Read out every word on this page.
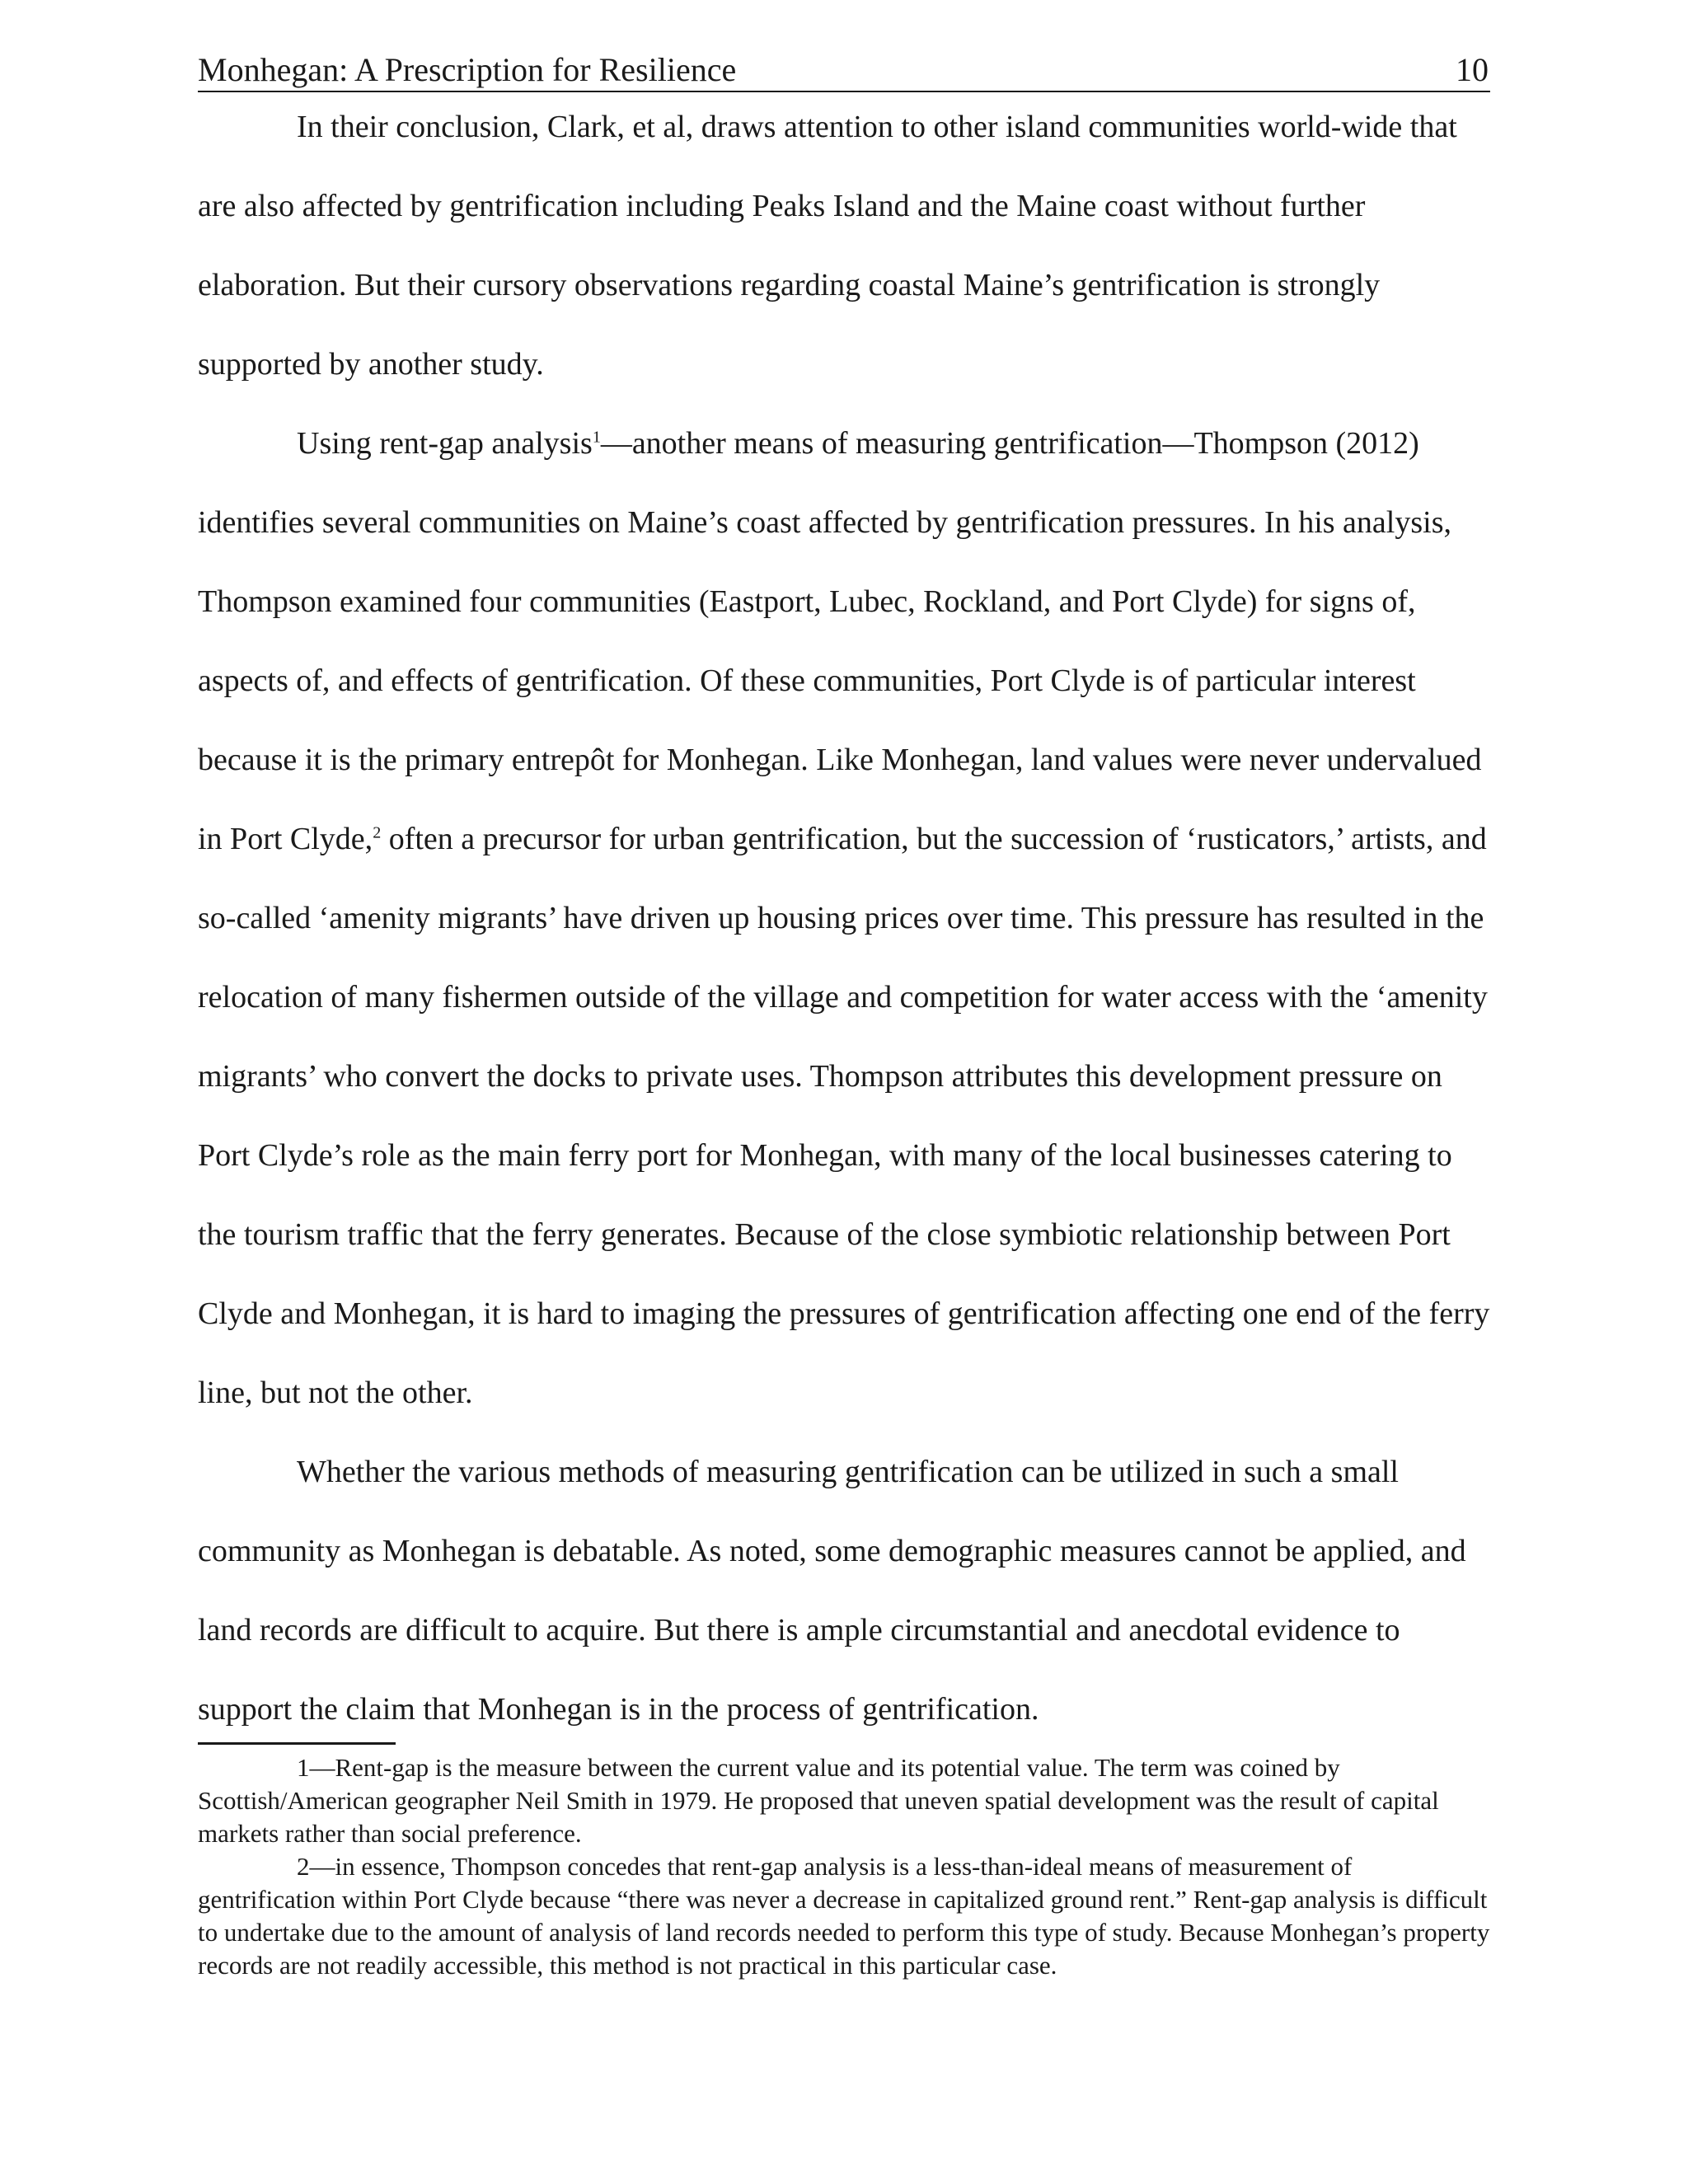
Monhegan: A Prescription for Resilience	10

In their conclusion, Clark, et al, draws attention to other island communities world-wide that are also affected by gentrification including Peaks Island and the Maine coast without further elaboration. But their cursory observations regarding coastal Maine’s gentrification is strongly supported by another study.

Using rent-gap analysis$^1$—another means of measuring gentrification—Thompson (2012) identifies several communities on Maine’s coast affected by gentrification pressures. In his analysis, Thompson examined four communities (Eastport, Lubec, Rockland, and Port Clyde) for signs of, aspects of, and effects of gentrification. Of these communities, Port Clyde is of particular interest because it is the primary entrepôt for Monhegan. Like Monhegan, land values were never undervalued in Port Clyde,$^2$ often a precursor for urban gentrification, but the succession of ‘rusticators,’ artists, and so-called ‘amenity migrants’ have driven up housing prices over time. This pressure has resulted in the relocation of many fishermen outside of the village and competition for water access with the ‘amenity migrants’ who convert the docks to private uses. Thompson attributes this development pressure on Port Clyde’s role as the main ferry port for Monhegan, with many of the local businesses catering to the tourism traffic that the ferry generates. Because of the close symbiotic relationship between Port Clyde and Monhegan, it is hard to imaging the pressures of gentrification affecting one end of the ferry line, but not the other.

Whether the various methods of measuring gentrification can be utilized in such a small community as Monhegan is debatable. As noted, some demographic measures cannot be applied, and land records are difficult to acquire. But there is ample circumstantial and anecdotal evidence to support the claim that Monhegan is in the process of gentrification.

1—Rent-gap is the measure between the current value and its potential value. The term was coined by Scottish/American geographer Neil Smith in 1979. He proposed that uneven spatial development was the result of capital markets rather than social preference.

2—in essence, Thompson concedes that rent-gap analysis is a less-than-ideal means of measurement of gentrification within Port Clyde because “there was never a decrease in capitalized ground rent.” Rent-gap analysis is difficult to undertake due to the amount of analysis of land records needed to perform this type of study. Because Monhegan’s property records are not readily accessible, this method is not practical in this particular case.
